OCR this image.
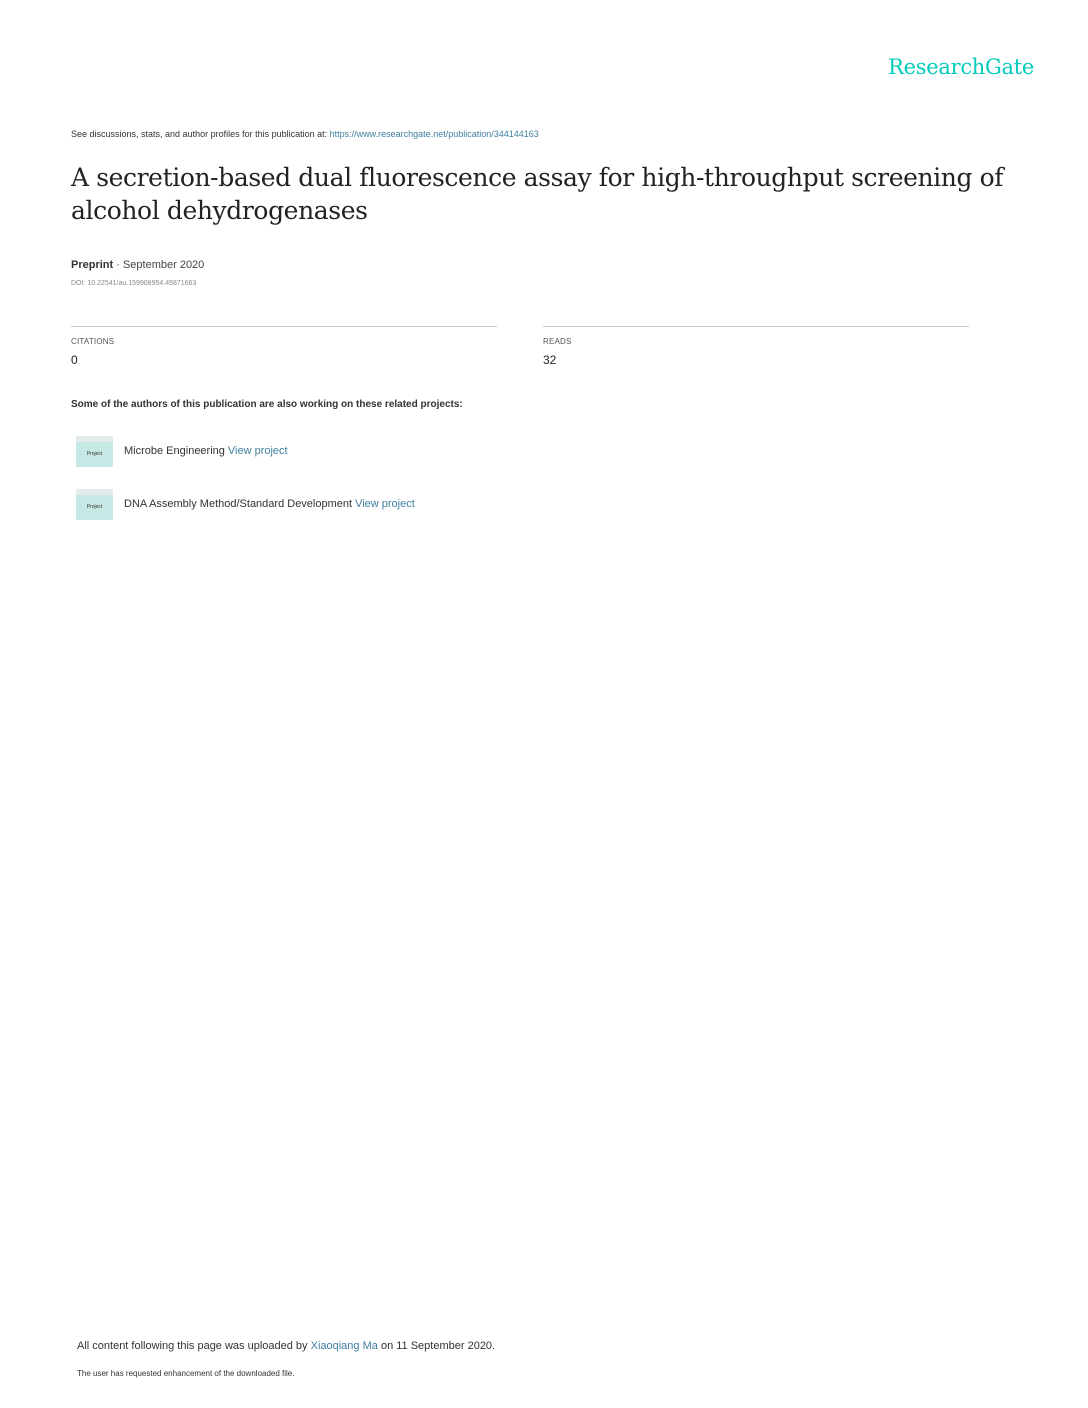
ResearchGate
See discussions, stats, and author profiles for this publication at: https://www.researchgate.net/publication/344144163
A secretion-based dual fluorescence assay for high-throughput screening of alcohol dehydrogenases
Preprint · September 2020
DOI: 10.22541/au.159908954.45871663
CITATIONS
0
READS
32
Some of the authors of this publication are also working on these related projects:
Project Microbe Engineering View project
Project DNA Assembly Method/Standard Development View project
All content following this page was uploaded by Xiaoqiang Ma on 11 September 2020.
The user has requested enhancement of the downloaded file.
